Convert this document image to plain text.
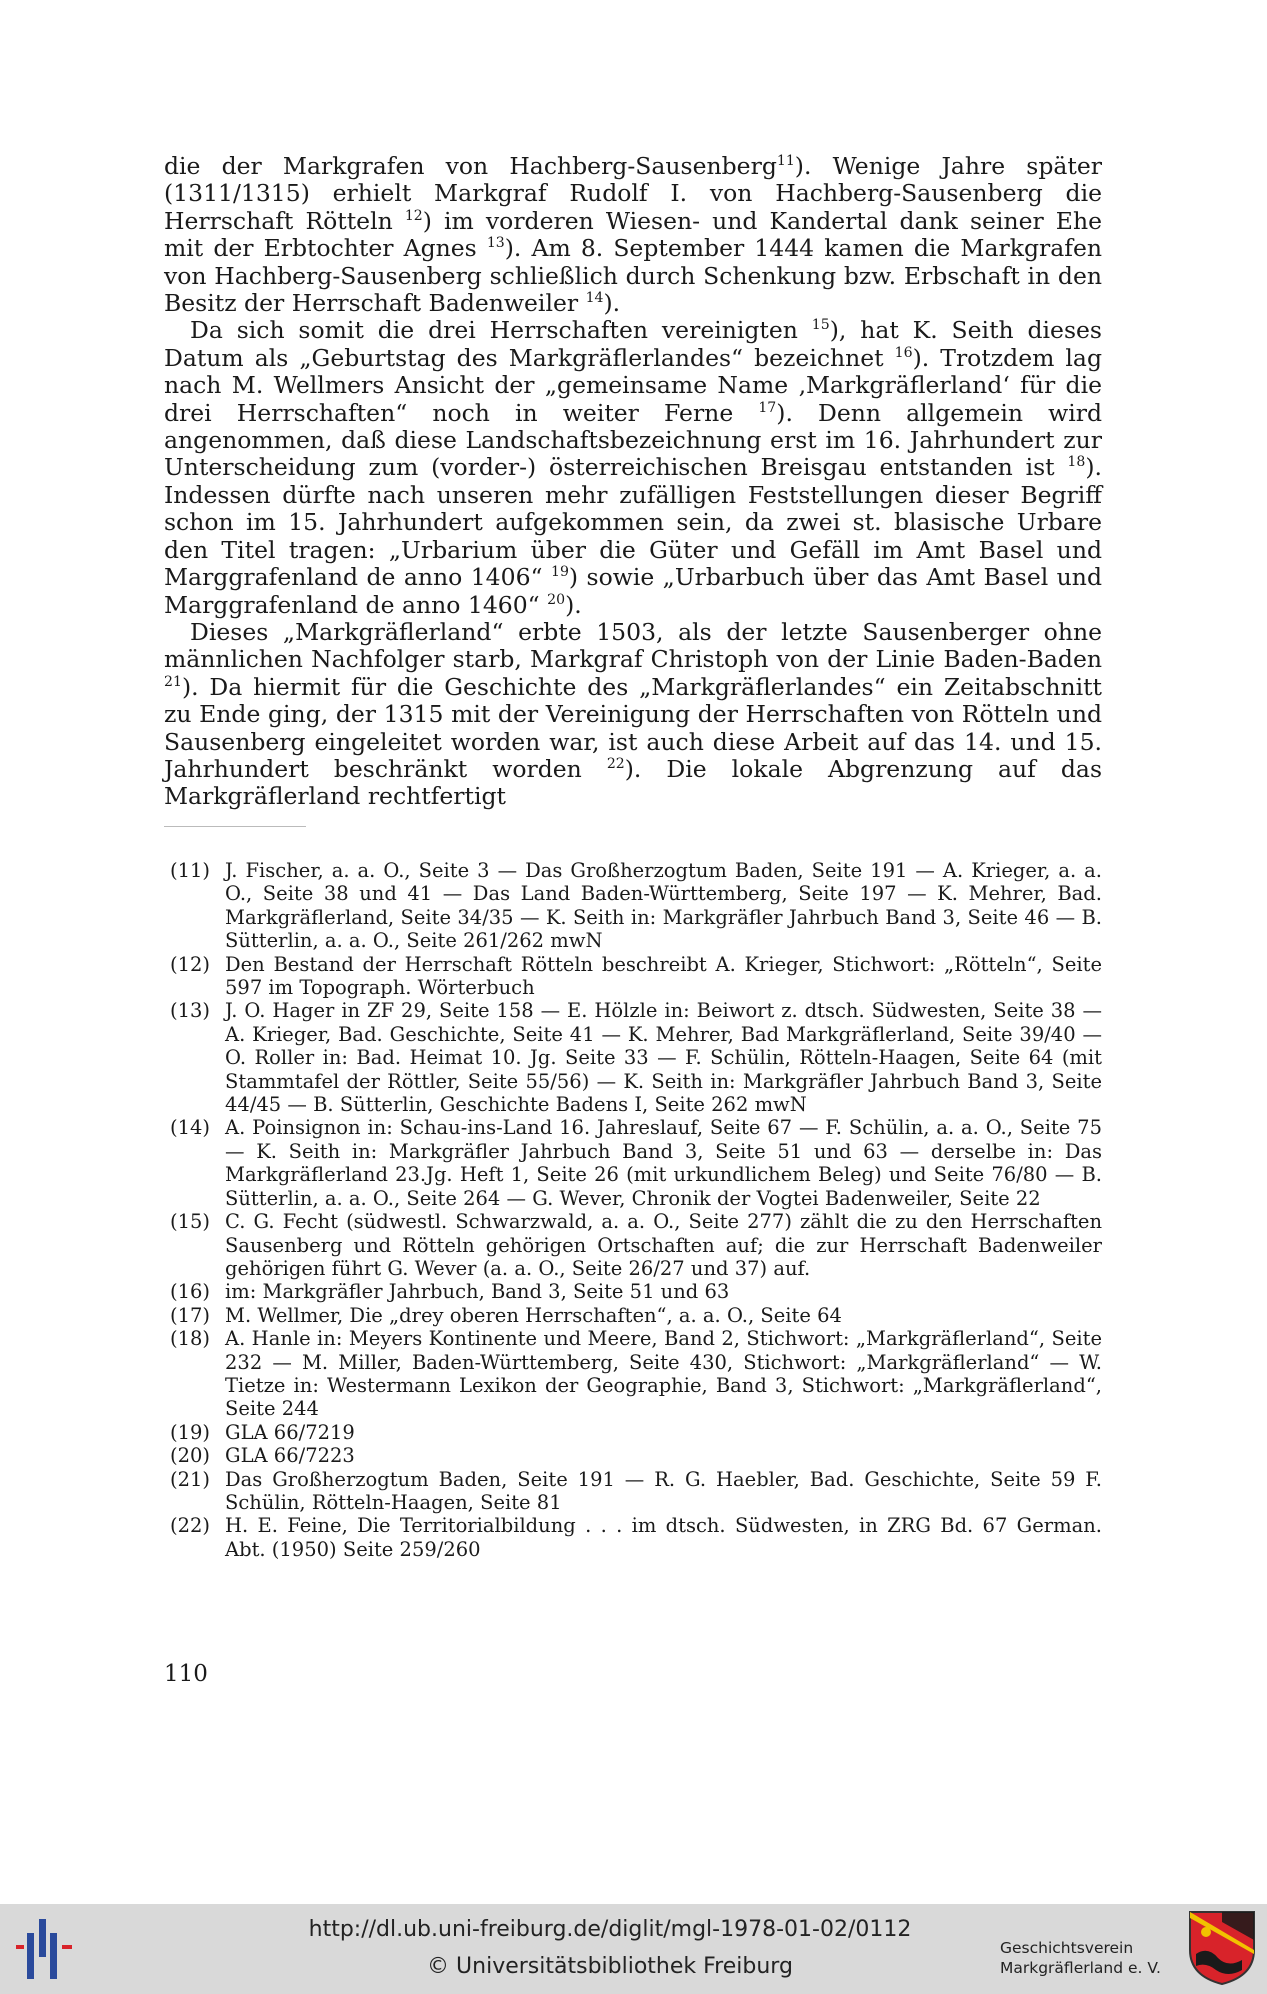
die der Markgrafen von Hachberg-Sausenberg$^{11}$). Wenige Jahre später (1311/1315) erhielt Markgraf Rudolf I. von Hachberg-Sausenberg die Herrschaft Rötteln $^{12}$) im vorderen Wiesen- und Kandertal dank seiner Ehe mit der Erbtochter Agnes $^{13}$). Am 8. September 1444 kamen die Markgrafen von Hachberg-Sausenberg schließlich durch Schenkung bzw. Erbschaft in den Besitz der Herrschaft Badenweiler $^{14}$).

Da sich somit die drei Herrschaften vereinigten $^{15}$), hat K. Seith dieses Datum als „Geburtstag des Markgräflerlandes“ bezeichnet $^{16}$). Trotzdem lag nach M. Wellmers Ansicht der „gemeinsame Name ‚Markgräflerland‘ für die drei Herrschaften“ noch in weiter Ferne $^{17}$). Denn allgemein wird angenommen, daß diese Landschaftsbezeichnung erst im 16. Jahrhundert zur Unterscheidung zum (vorder-) österreichischen Breisgau entstanden ist $^{18}$). Indessen dürfte nach unseren mehr zufälligen Feststellungen dieser Begriff schon im 15. Jahrhundert aufgekommen sein, da zwei st. blasische Urbare den Titel tragen: „Urbarium über die Güter und Gefäll im Amt Basel und Marggrafenland de anno 1406“ $^{19}$) sowie „Urbarbuch über das Amt Basel und Marggrafenland de anno 1460“ $^{20}$).

Dieses „Markgräflerland“ erbte 1503, als der letzte Sausenberger ohne männlichen Nachfolger starb, Markgraf Christoph von der Linie Baden-Baden $^{21}$). Da hiermit für die Geschichte des „Markgräflerlandes“ ein Zeitabschnitt zu Ende ging, der 1315 mit der Vereinigung der Herrschaften von Rötteln und Sausenberg eingeleitet worden war, ist auch diese Arbeit auf das 14. und 15. Jahrhundert beschränkt worden $^{22}$). Die lokale Abgrenzung auf das Markgräflerland rechtfertigt

(11) J. Fischer, a. a. O., Seite 3 — Das Großherzogtum Baden, Seite 191 — A. Krieger, a. a. O., Seite 38 und 41 — Das Land Baden-Württemberg, Seite 197 — K. Mehrer, Bad. Markgräflerland, Seite 34/35 — K. Seith in: Markgräfler Jahrbuch Band 3, Seite 46 — B. Sütterlin, a. a. O., Seite 261/262 mwN
(12) Den Bestand der Herrschaft Rötteln beschreibt A. Krieger, Stichwort: „Rötteln“, Seite 597 im Topograph. Wörterbuch
(13) J. O. Hager in ZF 29, Seite 158 — E. Hölzle in: Beiwort z. dtsch. Südwesten, Seite 38 — A. Krieger, Bad. Geschichte, Seite 41 — K. Mehrer, Bad Markgräflerland, Seite 39/40 — O. Roller in: Bad. Heimat 10. Jg. Seite 33 — F. Schülin, Rötteln-Haagen, Seite 64 (mit Stammtafel der Röttler, Seite 55/56) — K. Seith in: Markgräfler Jahrbuch Band 3, Seite 44/45 — B. Sütterlin, Geschichte Badens I, Seite 262 mwN
(14) A. Poinsignon in: Schau-ins-Land 16. Jahreslauf, Seite 67 — F. Schülin, a. a. O., Seite 75 — K. Seith in: Markgräfler Jahrbuch Band 3, Seite 51 und 63 — derselbe in: Das Markgräflerland 23.Jg. Heft 1, Seite 26 (mit urkundlichem Beleg) und Seite 76/80 — B. Sütterlin, a. a. O., Seite 264 — G. Wever, Chronik der Vogtei Badenweiler, Seite 22
(15) C. G. Fecht (südwestl. Schwarzwald, a. a. O., Seite 277) zählt die zu den Herrschaften Sausenberg und Rötteln gehörigen Ortschaften auf; die zur Herrschaft Badenweiler gehörigen führt G. Wever (a. a. O., Seite 26/27 und 37) auf.
(16) im: Markgräfler Jahrbuch, Band 3, Seite 51 und 63
(17) M. Wellmer, Die „drey oberen Herrschaften“, a. a. O., Seite 64
(18) A. Hanle in: Meyers Kontinente und Meere, Band 2, Stichwort: „Markgräflerland“, Seite 232 — M. Miller, Baden-Württemberg, Seite 430, Stichwort: „Markgräflerland“ — W. Tietze in: Westermann Lexikon der Geographie, Band 3, Stichwort: „Markgräflerland“, Seite 244
(19) GLA 66/7219
(20) GLA 66/7223
(21) Das Großherzogtum Baden, Seite 191 — R. G. Haebler, Bad. Geschichte, Seite 59 F. Schülin, Rötteln-Haagen, Seite 81
(22) H. E. Feine, Die Territorialbildung . . . im dtsch. Südwesten, in ZRG Bd. 67 German. Abt. (1950) Seite 259/260
110
http://dl.ub.uni-freiburg.de/diglit/mgl-1978-01-02/0112
© Universitätsbibliothek Freiburg
Geschichtsverein
Markgräflerland e. V.
